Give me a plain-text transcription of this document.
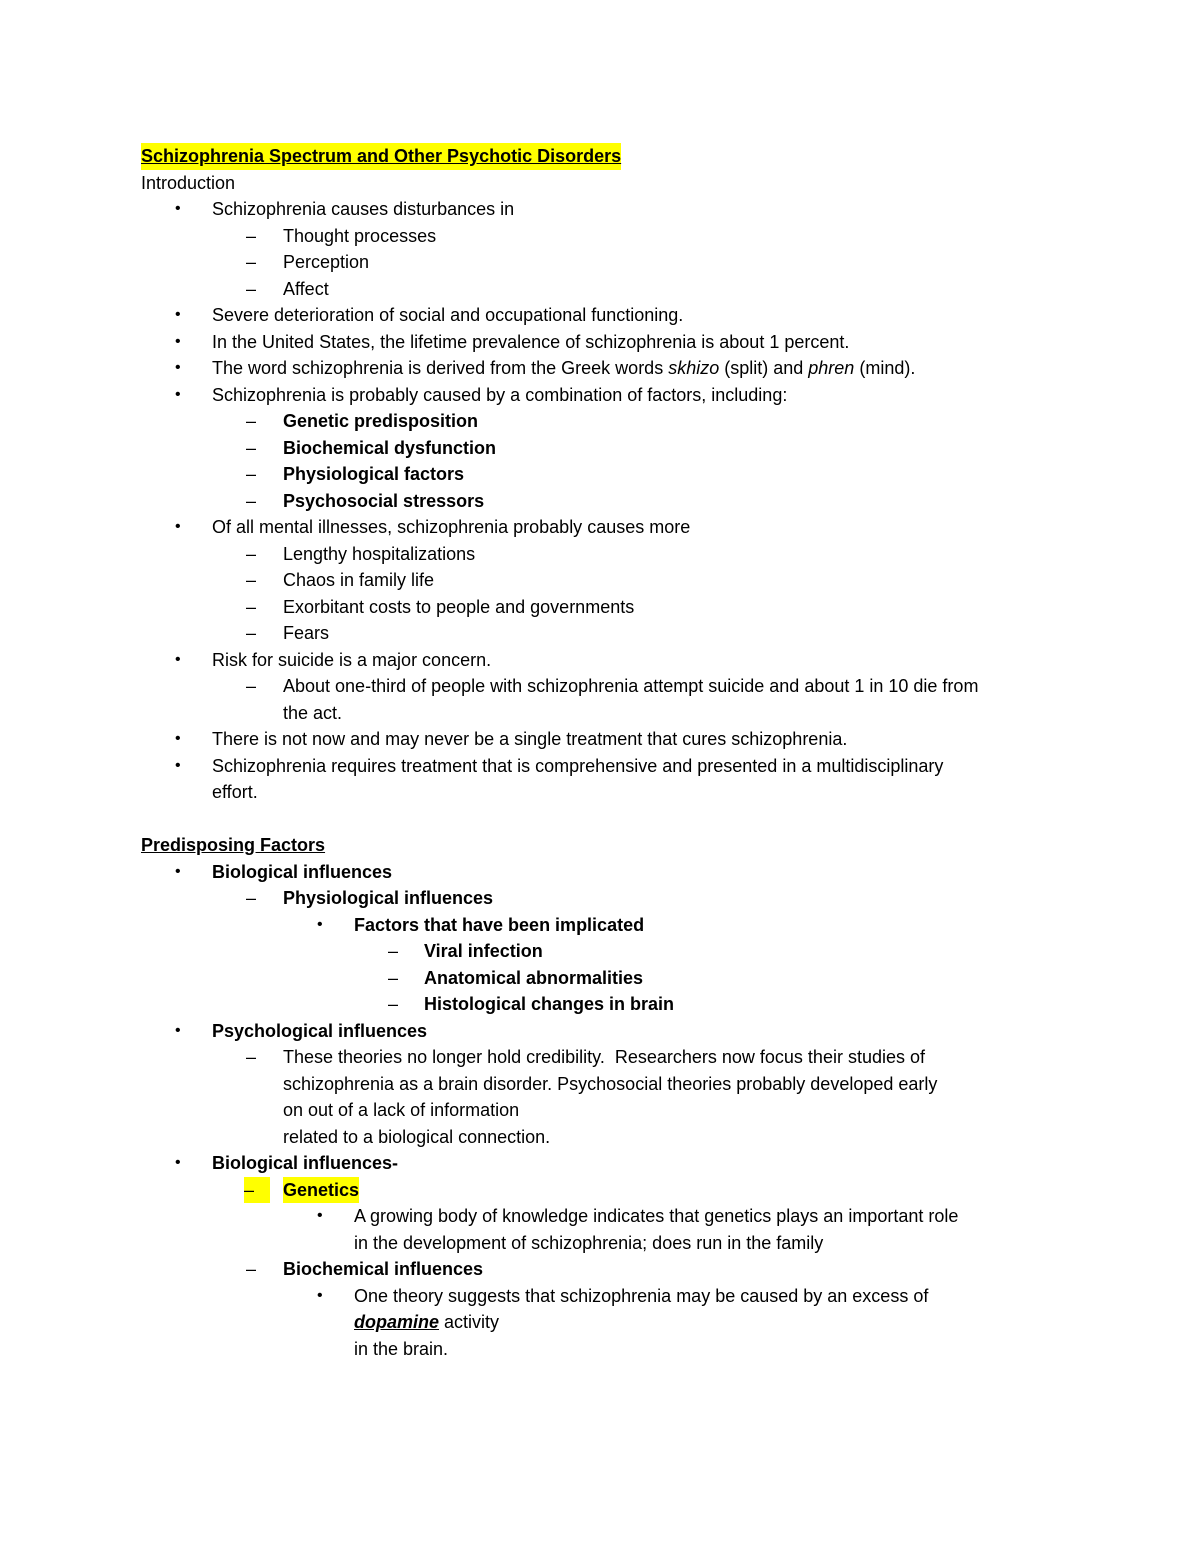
Schizophrenia Spectrum and Other Psychotic Disorders
Introduction
• Schizophrenia causes disturbances in
– Thought processes
– Perception
– Affect
• Severe deterioration of social and occupational functioning.
• In the United States, the lifetime prevalence of schizophrenia is about 1 percent.
• The word schizophrenia is derived from the Greek words skhizo (split) and phren (mind).
• Schizophrenia is probably caused by a combination of factors, including:
– Genetic predisposition
– Biochemical dysfunction
– Physiological factors
– Psychosocial stressors
• Of all mental illnesses, schizophrenia probably causes more
– Lengthy hospitalizations
– Chaos in family life
– Exorbitant costs to people and governments
– Fears
• Risk for suicide is a major concern.
– About one-third of people with schizophrenia attempt suicide and about 1 in 10 die from
the act.
• There is not now and may never be a single treatment that cures schizophrenia.
• Schizophrenia requires treatment that is comprehensive and presented in a multidisciplinary
effort.
Predisposing Factors
• Biological influences
– Physiological influences
• Factors that have been implicated
– Viral infection
– Anatomical abnormalities
– Histological changes in brain
• Psychological influences
– These theories no longer hold credibility.  Researchers now focus their studies of
schizophrenia as a brain disorder. Psychosocial theories probably developed early
on out of a lack of information
related to a biological connection.
• Biological influences-
–	Genetics
• A growing body of knowledge indicates that genetics plays an important role
in the development of schizophrenia; does run in the family
– Biochemical influences
• One theory suggests that schizophrenia may be caused by an excess of
dopamine activity
in the brain.
